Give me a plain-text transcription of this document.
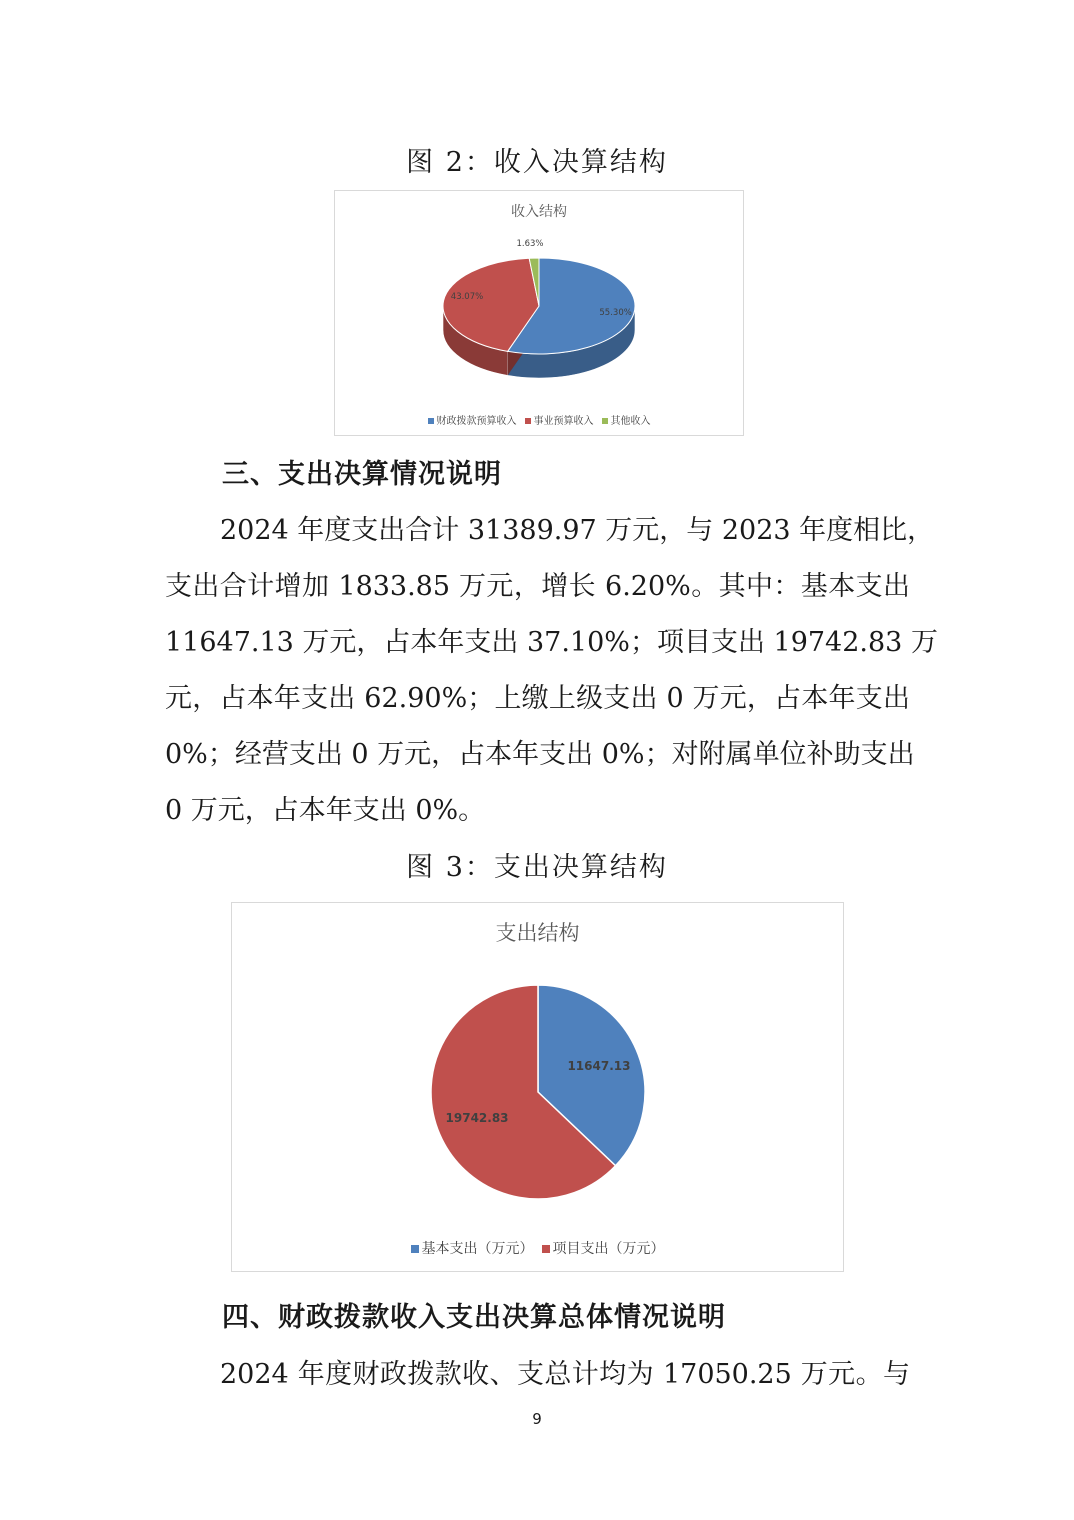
图 2：收入决算结构
收入结构
55.30%
43.07%
1.63%
财政拨款预算收入 事业预算收入 其他收入
三、支出决算情况说明
2024 年度支出合计 31389.97 万元，与 2023 年度相比，
支出合计增加 1833.85 万元，增长 6.20%。其中：基本支出
11647.13 万元，占本年支出 37.10%；项目支出 19742.83 万
元，占本年支出 62.90%；上缴上级支出 0 万元，占本年支出
0%；经营支出 0 万元，占本年支出 0%；对附属单位补助支出
0 万元，占本年支出 0%。
图 3：支出决算结构
支出结构
11647.13
19742.83
基本支出（万元） 项目支出（万元）
四、财政拨款收入支出决算总体情况说明
2024 年度财政拨款收、支总计均为 17050.25 万元。与
9
